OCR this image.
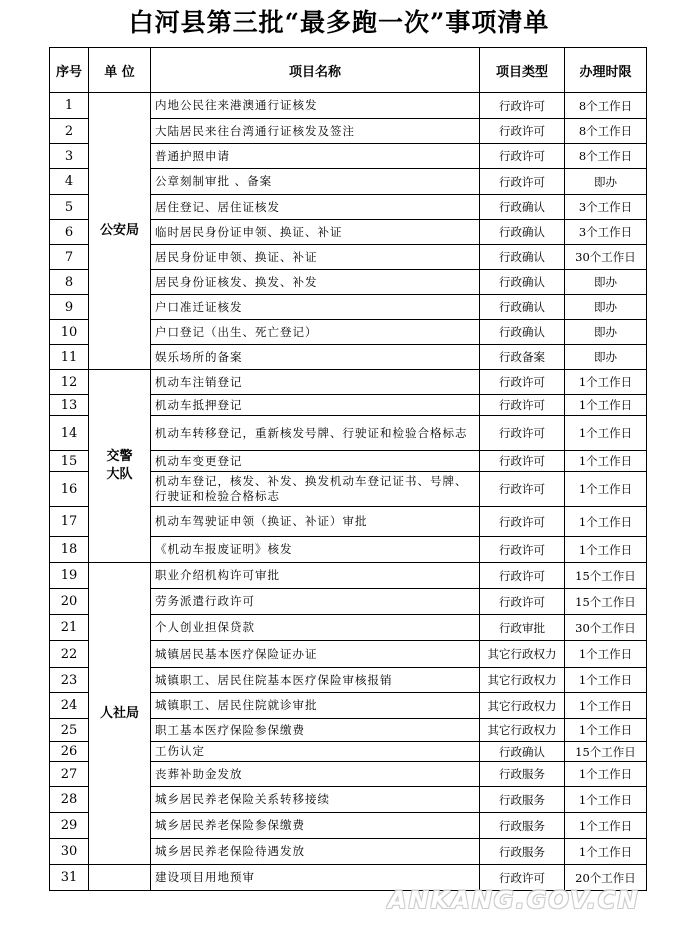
白河县第三批“最多跑一次”事项清单
序号	单 位	项目名称	项目类型	办理时限
1	公安局	内地公民往来港澳通行证核发	行政许可	8个工作日
2		大陆居民来往台湾通行证核发及签注	行政许可	8个工作日
3		普通护照申请	行政许可	8个工作日
4		公章刻制审批 、备案	行政许可	即办
5		居住登记、居住证核发	行政确认	3个工作日
6		临时居民身份证申领、换证、补证	行政确认	3个工作日
7		居民身份证申领、换证、补证	行政确认	30个工作日
8		居民身份证核发、换发、补发	行政确认	即办
9		户口准迁证核发	行政确认	即办
10		户口登记（出生、死亡登记）	行政确认	即办
11		娱乐场所的备案	行政备案	即办
12	交警大队	机动车注销登记	行政许可	1个工作日
13		机动车抵押登记	行政许可	1个工作日
14		机动车转移登记，重新核发号牌、行驶证和检验合格标志	行政许可	1个工作日
15		机动车变更登记	行政许可	1个工作日
16		机动车登记，核发、补发、换发机动车登记证书、号牌、行驶证和检验合格标志	行政许可	1个工作日
17		机动车驾驶证申领（换证、补证）审批	行政许可	1个工作日
18		《机动车报废证明》核发	行政许可	1个工作日
19	人社局	职业介绍机构许可审批	行政许可	15个工作日
20		劳务派遣行政许可	行政许可	15个工作日
21		个人创业担保贷款	行政审批	30个工作日
22		城镇居民基本医疗保险证办证	其它行政权力	1个工作日
23		城镇职工、居民住院基本医疗保险审核报销	其它行政权力	1个工作日
24		城镇职工、居民住院就诊审批	其它行政权力	1个工作日
25		职工基本医疗保险参保缴费	其它行政权力	1个工作日
26		工伤认定	行政确认	15个工作日
27		丧葬补助金发放	行政服务	1个工作日
28		城乡居民养老保险关系转移接续	行政服务	1个工作日
29		城乡居民养老保险参保缴费	行政服务	1个工作日
30		城乡居民养老保险待遇发放	行政服务	1个工作日
31		建设项目用地预审	行政许可	20个工作日
ANKANG.GOV.CN
